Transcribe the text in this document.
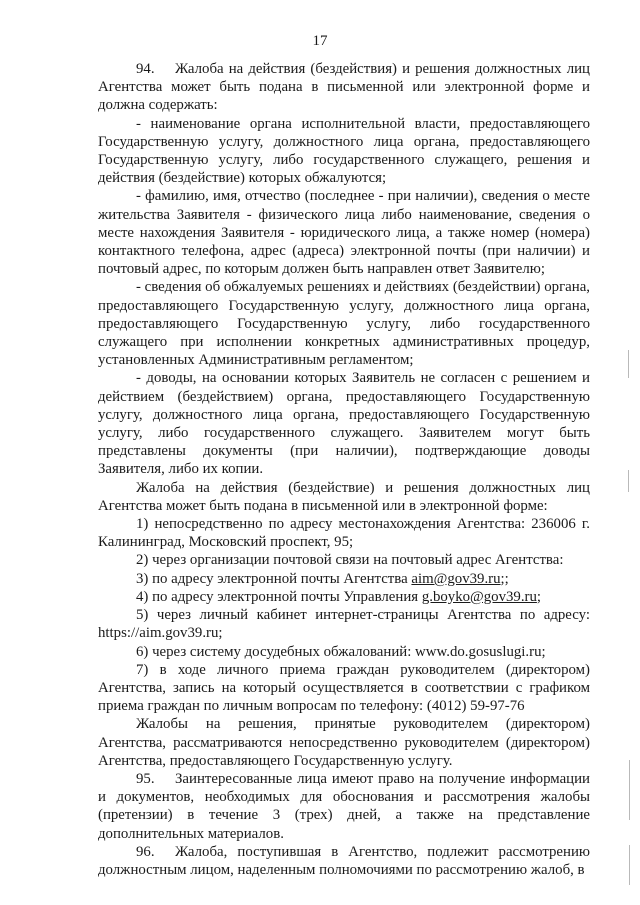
17

94. Жалоба на действия (бездействия) и решения должностных лиц Агентства может быть подана в письменной или электронной форме и должна содержать:

- наименование органа исполнительной власти, предоставляющего Государственную услугу, должностного лица органа, предоставляющего Государственную услугу, либо государственного служащего, решения и действия (бездействие) которых обжалуются;

- фамилию, имя, отчество (последнее - при наличии), сведения о месте жительства Заявителя - физического лица либо наименование, сведения о месте нахождения Заявителя - юридического лица, а также номер (номера) контактного телефона, адрес (адреса) электронной почты (при наличии) и почтовый адрес, по которым должен быть направлен ответ Заявителю;

- сведения об обжалуемых решениях и действиях (бездействии) органа, предоставляющего Государственную услугу, должностного лица органа, предоставляющего Государственную услугу, либо государственного служащего при исполнении конкретных административных процедур, установленных Административным регламентом;

- доводы, на основании которых Заявитель не согласен с решением и действием (бездействием) органа, предоставляющего Государственную услугу, должностного лица органа, предоставляющего Государственную услугу, либо государственного служащего. Заявителем могут быть представлены документы (при наличии), подтверждающие доводы Заявителя, либо их копии.

Жалоба на действия (бездействие) и решения должностных лиц Агентства может быть подана в письменной или в электронной форме:

1) непосредственно по адресу местонахождения Агентства: 236006 г. Калининград, Московский проспект, 95;

2) через организации почтовой связи на почтовый адрес Агентства:

3) по адресу электронной почты Агентства aim@gov39.ru;;

4) по адресу электронной почты Управления g.boyko@gov39.ru;

5) через личный кабинет интернет-страницы Агентства по адресу: https://aim.gov39.ru;

6) через систему досудебных обжалований: www.do.gosuslugi.ru;

7) в ходе личного приема граждан руководителем (директором) Агентства, запись на который осуществляется в соответствии с графиком приема граждан по личным вопросам по телефону: (4012) 59-97-76

Жалобы на решения, принятые руководителем (директором) Агентства, рассматриваются непосредственно руководителем (директором) Агентства, предоставляющего Государственную услугу.

95. Заинтересованные лица имеют право на получение информации и документов, необходимых для обоснования и рассмотрения жалобы (претензии) в течение 3 (трех) дней, а также на представление дополнительных материалов.

96. Жалоба, поступившая в Агентство, подлежит рассмотрению должностным лицом, наделенным полномочиями по рассмотрению жалоб, в
